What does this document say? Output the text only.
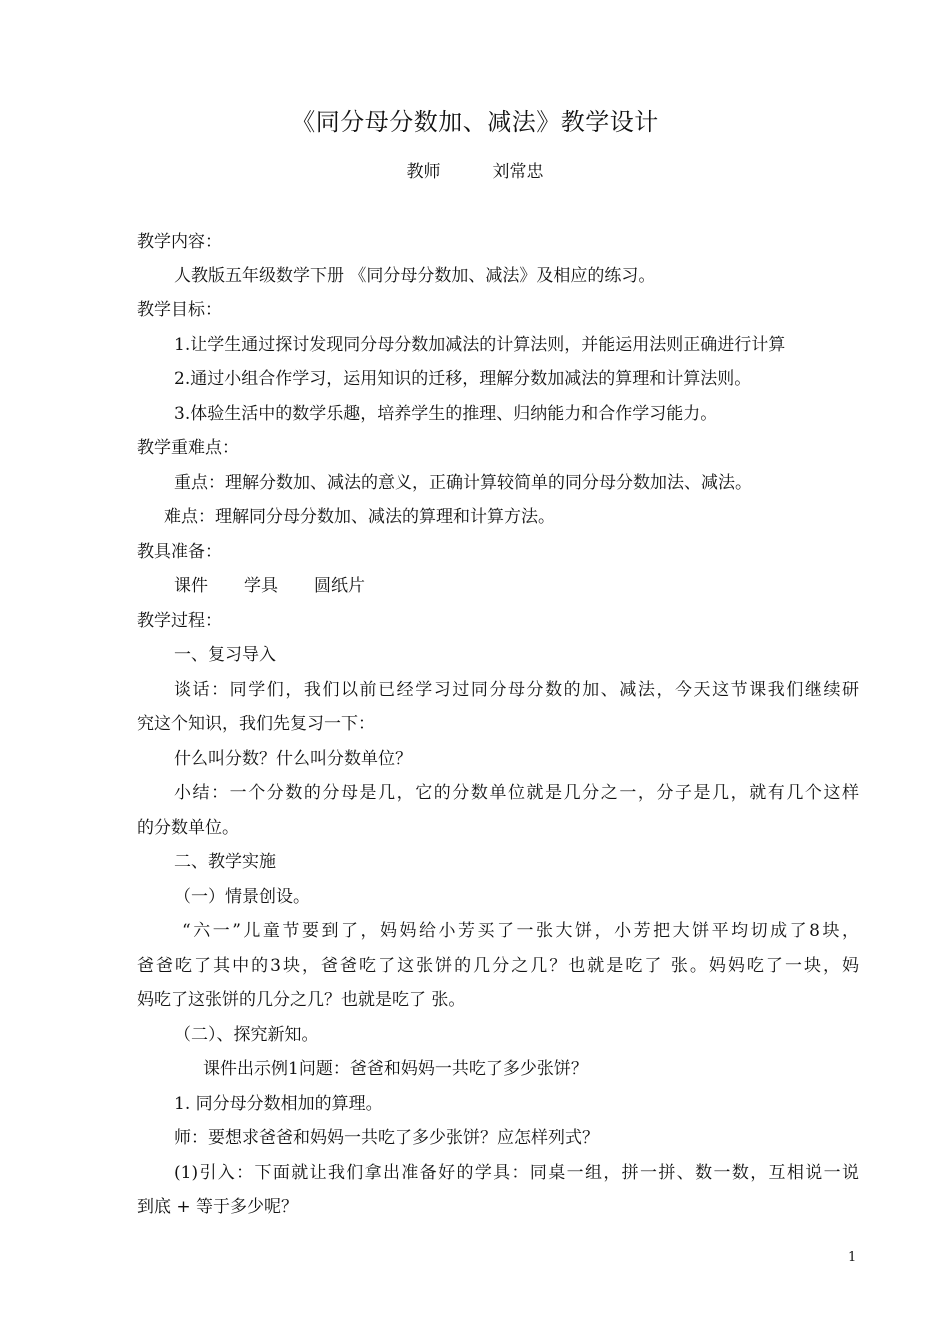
《同分母分数加、减法》教学设计
教师	刘常忠
教学内容：
人教版五年级数学下册 《同分母分数加、减法》及相应的练习。
教学目标：
1.让学生通过探讨发现同分母分数加减法的计算法则，并能运用法则正确进行计算
2.通过小组合作学习，运用知识的迁移，理解分数加减法的算理和计算法则。
3.体验生活中的数学乐趣，培养学生的推理、归纳能力和合作学习能力。
教学重难点：
重点：理解分数加、减法的意义，正确计算较简单的同分母分数加法、减法。
难点：理解同分母分数加、减法的算理和计算方法。
教具准备：
课件 学具 圆纸片
教学过程：
一、复习导入
谈话：同学们，我们以前已经学习过同分母分数的加、减法，今天这节课我们继续研
究这个知识，我们先复习一下：
什么叫分数？什么叫分数单位？
小结：一个分数的分母是几，它的分数单位就是几分之一，分子是几，就有几个这样
的分数单位。
二、教学实施
（一）情景创设。
“六一”儿童节要到了，妈妈给小芳买了一张大饼，小芳把大饼平均切成了8块，
爸爸吃了其中的3块，爸爸吃了这张饼的几分之几？也就是吃了 张。妈妈吃了一块，妈
妈吃了这张饼的几分之几？也就是吃了 张。
（二）、探究新知。
课件出示例1问题：爸爸和妈妈一共吃了多少张饼？
1. 同分母分数相加的算理。
师：要想求爸爸和妈妈一共吃了多少张饼？应怎样列式？
(1)引入：下面就让我们拿出准备好的学具：同桌一组，拼一拼、数一数，互相说一说
到底 + 等于多少呢？
1
